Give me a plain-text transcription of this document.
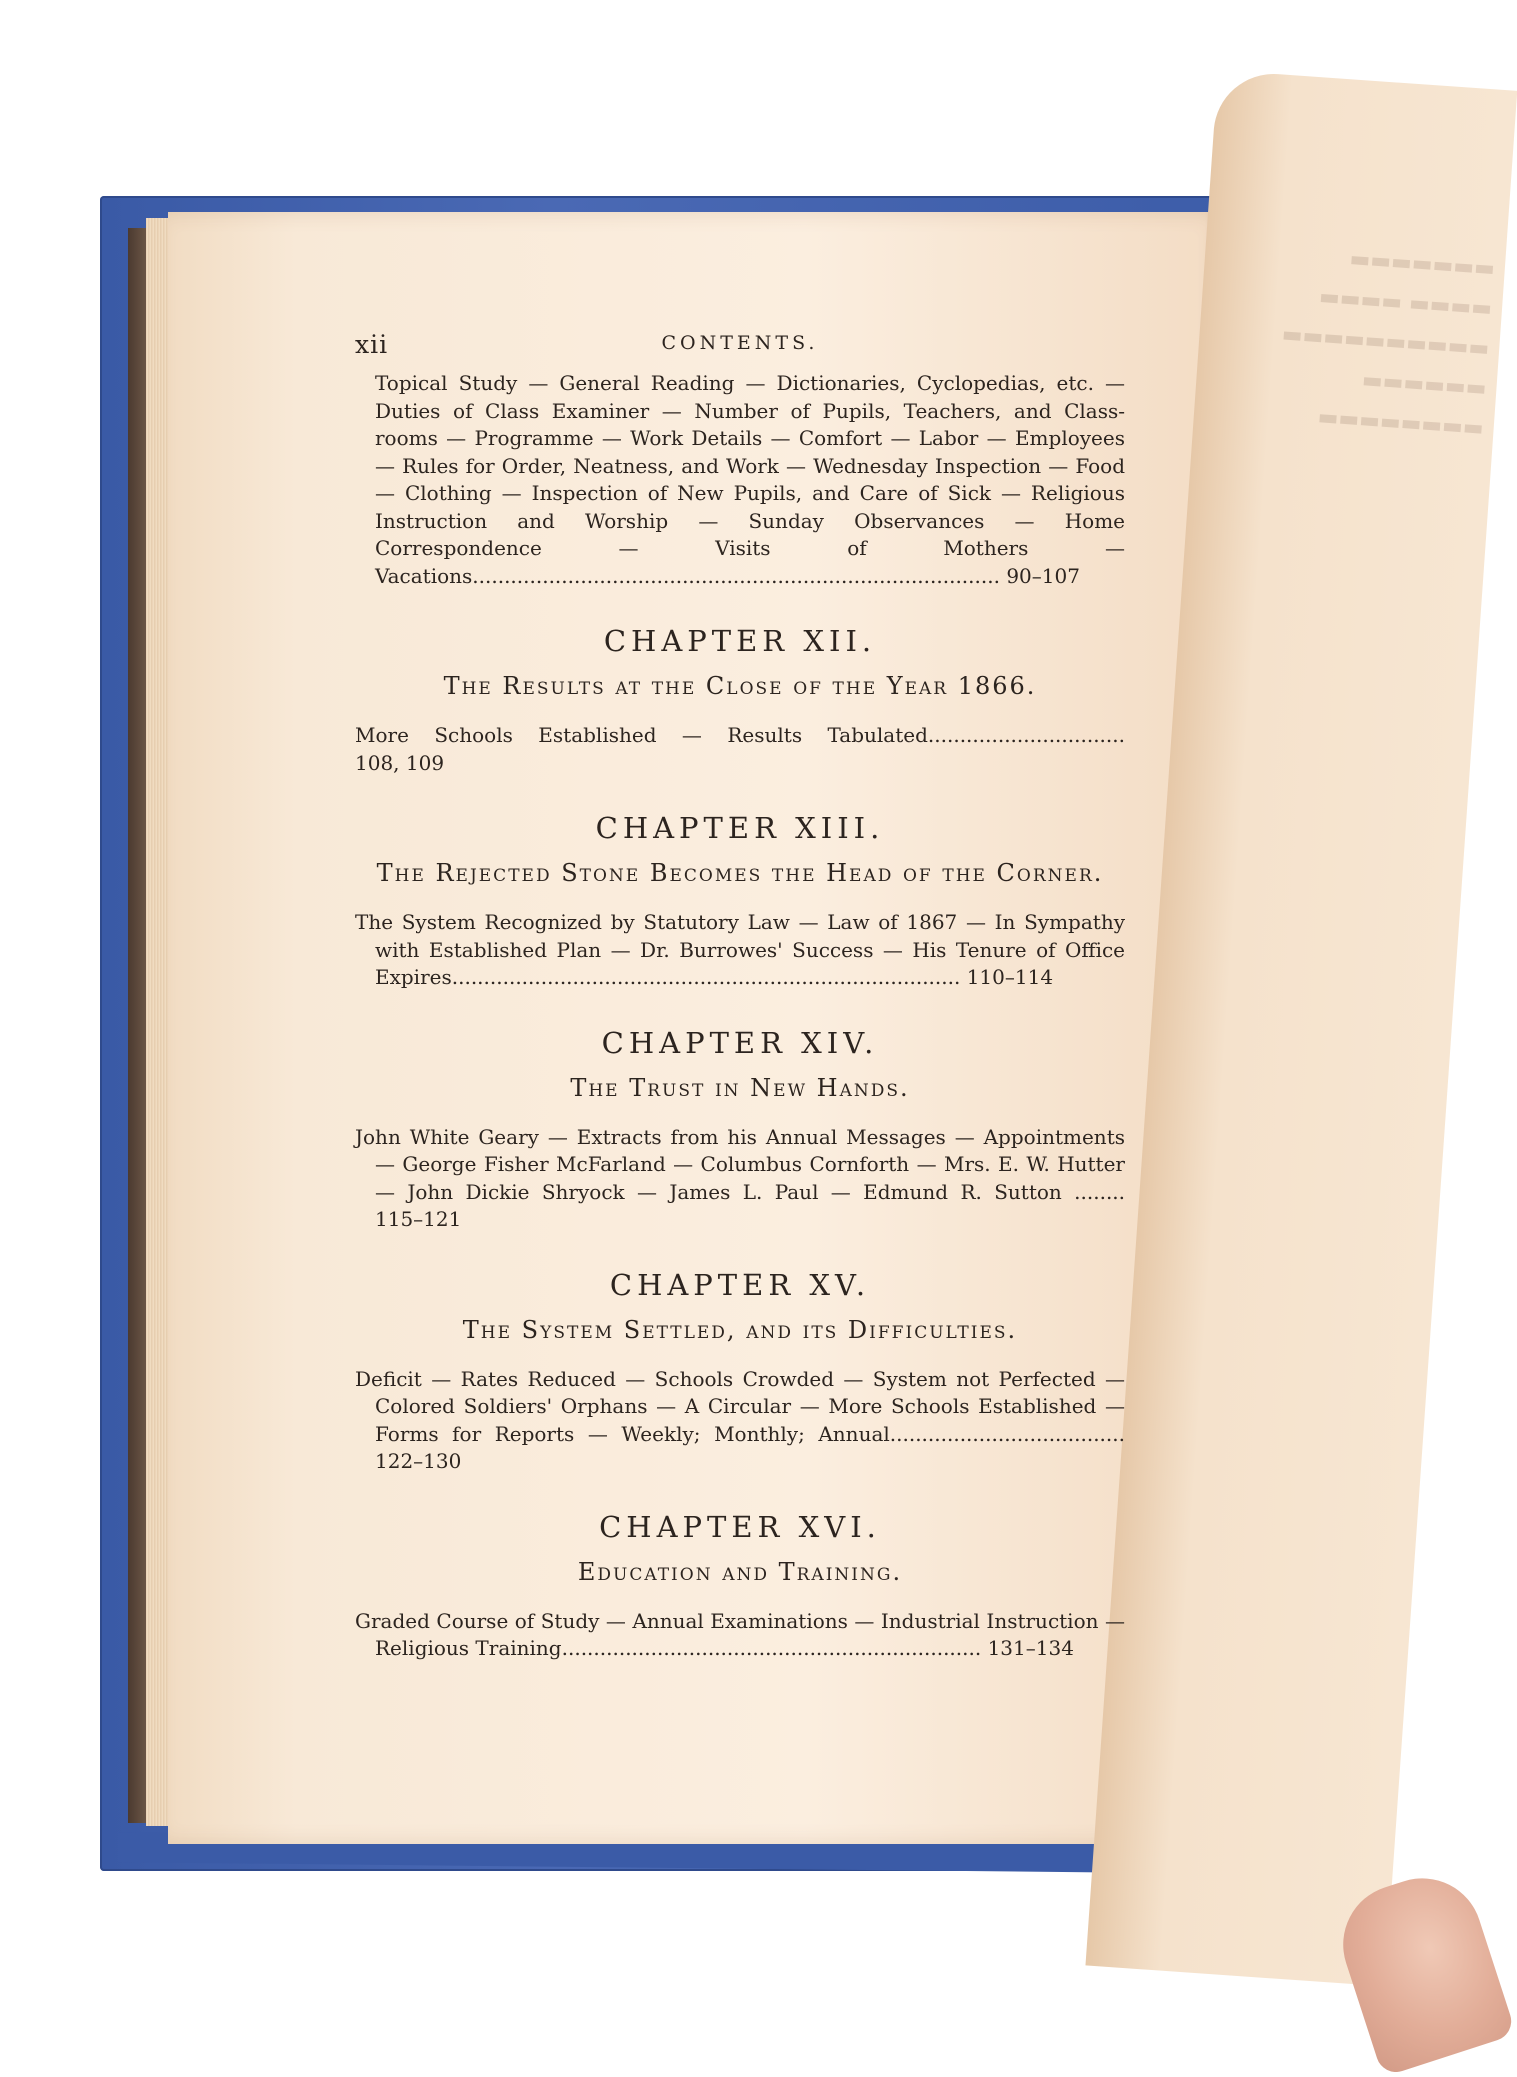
▬▬▬▬▬▬▬
▬▬▬▬ ▬▬▬▬
▬▬▬▬▬▬▬▬▬▬
▬▬▬▬▬▬
▬▬▬▬▬▬▬▬

xii	CONTENTS.

Topical Study — General Reading — Dictionaries, Cyclopedias, etc. — Duties of Class Examiner — Number of Pupils, Teachers, and Class-rooms — Programme — Work Details — Comfort — Labor — Employees — Rules for Order, Neatness, and Work — Wednesday Inspection — Food — Clothing — Inspection of New Pupils, and Care of Sick — Religious Instruction and Worship — Sunday Observances — Home Correspondence — Visits of Mothers — Vacations................................................................................... 90–107

CHAPTER XII.
The Results at the Close of the Year 1866.

More Schools Established — Results Tabulated............................... 108, 109

CHAPTER XIII.
The Rejected Stone Becomes the Head of the Corner.

The System Recognized by Statutory Law — Law of 1867 — In Sympathy with Established Plan — Dr. Burrowes' Success — His Tenure of Office Expires................................................................................ 110–114

CHAPTER XIV.
The Trust in New Hands.

John White Geary — Extracts from his Annual Messages — Appointments — George Fisher McFarland — Columbus Cornforth — Mrs. E. W. Hutter — John Dickie Shryock — James L. Paul — Edmund R. Sutton ........ 115–121

CHAPTER XV.
The System Settled, and its Difficulties.

Deficit — Rates Reduced — Schools Crowded — System not Perfected — Colored Soldiers' Orphans — A Circular — More Schools Established — Forms for Reports — Weekly; Monthly; Annual..................................... 122–130

CHAPTER XVI.
Education and Training.

Graded Course of Study — Annual Examinations — Industrial Instruction — Religious Training.................................................................. 131–134
